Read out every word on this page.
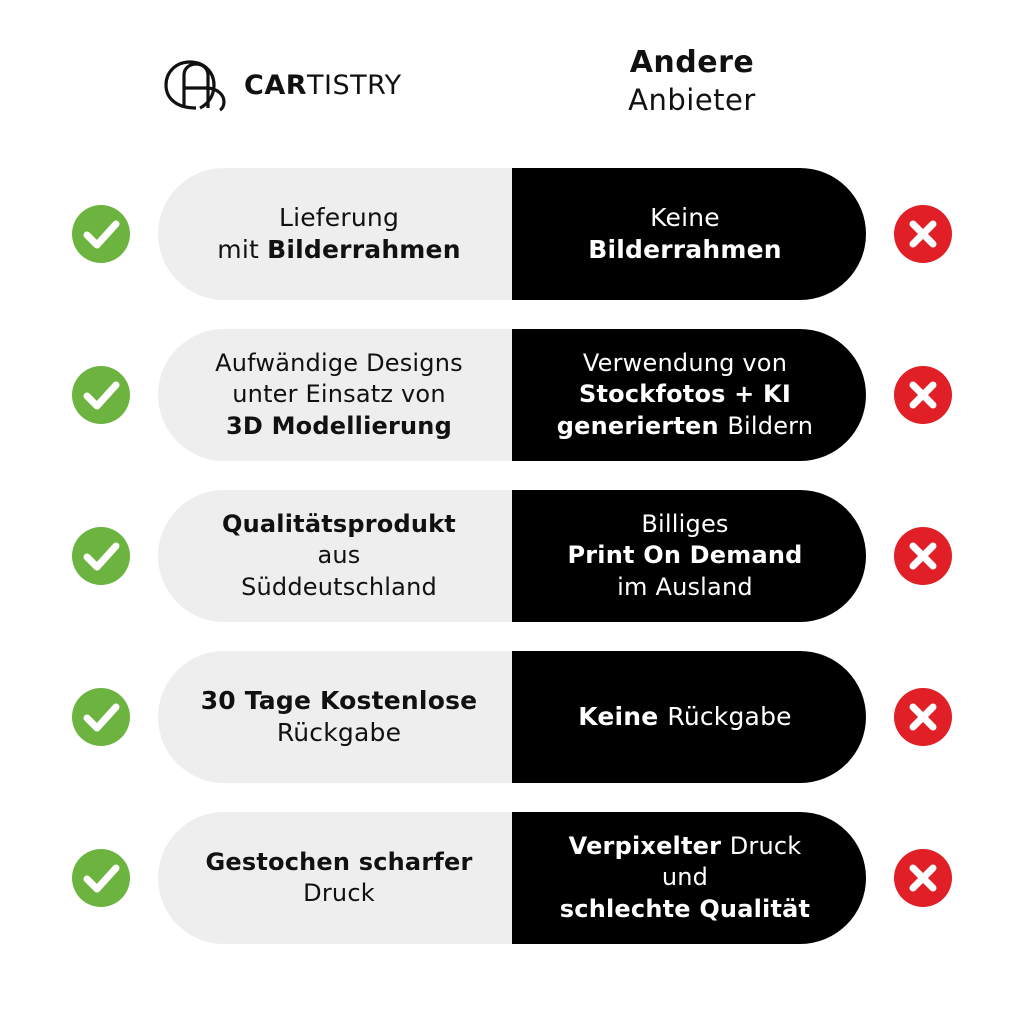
CARTISTRY
Andere
Anbieter
Lieferung
mit Bilderrahmen
Keine
Bilderrahmen
Aufwändige Designs
unter Einsatz von
3D Modellierung
Verwendung von
Stockfotos + KI
generierten Bildern
Qualitätsprodukt
aus
Süddeutschland
Billiges
Print On Demand
im Ausland
30 Tage Kostenlose
Rückgabe
Keine Rückgabe
Gestochen scharfer
Druck
Verpixelter Druck
und
schlechte Qualität
